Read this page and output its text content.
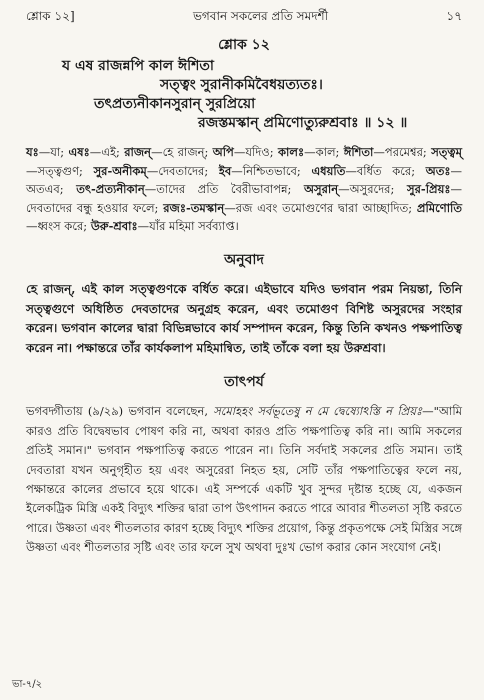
শ্লোক ১২]	ভগবান সকলের প্রতি সমদর্শী	১৭
শ্লোক ১২
য এষ রাজন্নপি কাল ঈশিতা
সত্ত্বং সুরানীকমিবৈধয়ত্যতঃ।
তৎপ্রত্যনীকানসুরান্ সুরপ্রিয়ো
রজস্তমস্কান্ প্রমিণোত্যুরুশ্রবাঃ ॥ ১২ ॥
যঃ—যা; এষঃ—এই; রাজন্—হে রাজন্; অপি—যদিও; কালঃ—কাল; ঈশিতা—পরমেশ্বর; সত্ত্বম্—সত্ত্বগুণ; সুর-অনীকম্—দেবতাদের; ইব—নিশ্চিতভাবে; এধয়তি—বর্ধিত করে; অতঃ—অতএব; তৎ-প্রত্যনীকান্—তাদের প্রতি বৈরীভাবাপন্ন; অসুরান্—অসুরদের; সুর-প্রিয়ঃ—দেবতাদের বন্ধু হওয়ার ফলে; রজঃ-তমস্কান্—রজ এবং তমোগুণের দ্বারা আচ্ছাদিত; প্রমিণোতি—ধ্বংস করে; উরু-শ্রবাঃ—যাঁর মহিমা সর্বব্যাপ্ত।
অনুবাদ
হে রাজন্, এই কাল সত্ত্বগুণকে বর্ধিত করে। এইভাবে যদিও ভগবান পরম নিয়ন্তা, তিনি সত্ত্বগুণে অধিষ্ঠিত দেবতাদের অনুগ্রহ করেন, এবং তমোগুণ বিশিষ্ট অসুরদের সংহার করেন। ভগবান কালের দ্বারা বিভিন্নভাবে কার্য সম্পাদন করেন, কিন্তু তিনি কখনও পক্ষপাতিত্ব করেন না। পক্ষান্তরে তাঁর কার্যকলাপ মহিমান্বিত, তাই তাঁকে বলা হয় উরুশ্রবা।
তাৎপর্য
ভগবদ্গীতায় (৯/২৯) ভগবান বলেছেন, সমোহহং সর্বভূতেষু ন মে দ্বেষ্যোঽস্তি ন প্রিয়ঃ—"আমি কারও প্রতি বিদ্বেষভাব পোষণ করি না, অথবা কারও প্রতি পক্ষপাতিত্ব করি না। আমি সকলের প্রতিই সমান।" ভগবান পক্ষপাতিত্ব করতে পারেন না। তিনি সর্বদাই সকলের প্রতি সমান। তাই দেবতারা যখন অনুগৃহীত হয় এবং অসুরেরা নিহত হয়, সেটি তাঁর পক্ষপাতিত্বের ফলে নয়, পক্ষান্তরে কালের প্রভাবে হয়ে থাকে। এই সম্পর্কে একটি খুব সুন্দর দৃষ্টান্ত হচ্ছে যে, একজন ইলেকট্রিক মিস্ত্রি একই বিদ্যুৎ শক্তির দ্বারা তাপ উৎপাদন করতে পারে আবার শীতলতা সৃষ্টি করতে পারে। উষ্ণতা এবং শীতলতার কারণ হচ্ছে বিদ্যুৎ শক্তির প্রয়োগ, কিন্তু প্রকৃতপক্ষে সেই মিস্ত্রির সঙ্গে উষ্ণতা এবং শীতলতার সৃষ্টি এবং তার ফলে সুখ অথবা দুঃখ ভোগ করার কোন সংযোগ নেই।
ভা-৭/২
